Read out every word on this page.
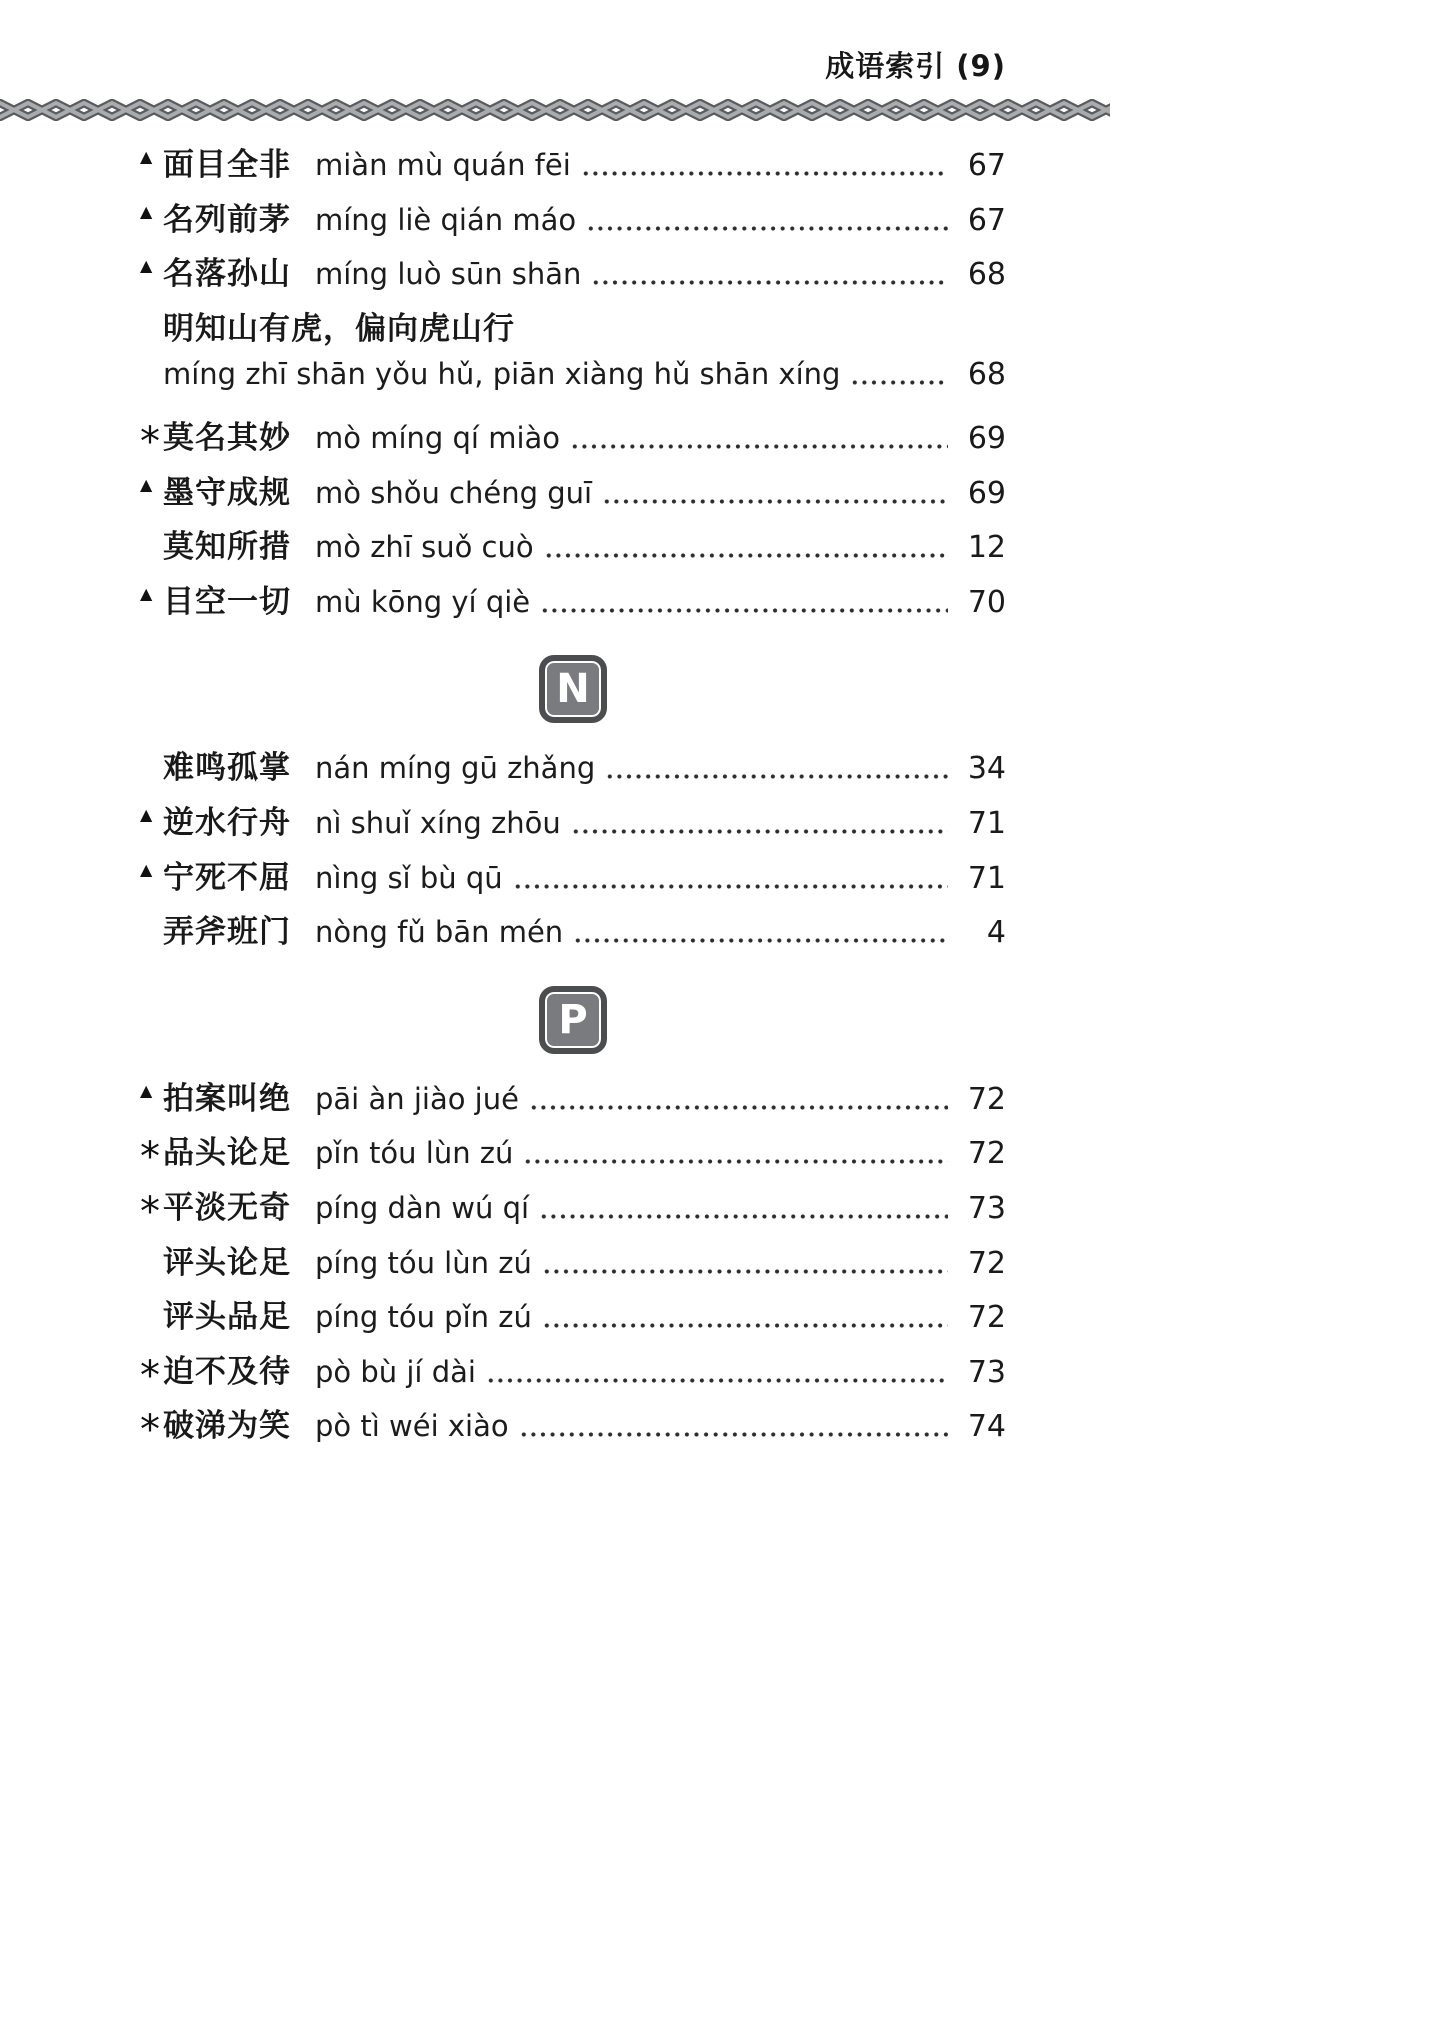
成语索引 (9)
▲ 面目全非 miàn mù quán fēi	67
▲ 名列前茅 míng liè qián máo	67
▲ 名落孙山 míng luò sūn shān	68
明知山有虎，偏向虎山行
míng zhī shān yǒu hǔ, piān xiàng hǔ shān xíng	68
* 莫名其妙 mò míng qí miào	69
▲ 墨守成规 mò shǒu chéng guī	69
莫知所措 mò zhī suǒ cuò	12
▲ 目空一切 mù kōng yí qiè	70
N
难鸣孤掌 nán míng gū zhǎng	34
▲ 逆水行舟 nì shuǐ xíng zhōu	71
▲ 宁死不屈 nìng sǐ bù qū	71
弄斧班门 nòng fǔ bān mén	4
P
▲ 拍案叫绝 pāi àn jiào jué	72
* 品头论足 pǐn tóu lùn zú	72
* 平淡无奇 píng dàn wú qí	73
评头论足 píng tóu lùn zú	72
评头品足 píng tóu pǐn zú	72
* 迫不及待 pò bù jí dài	73
* 破涕为笑 pò tì wéi xiào	74
